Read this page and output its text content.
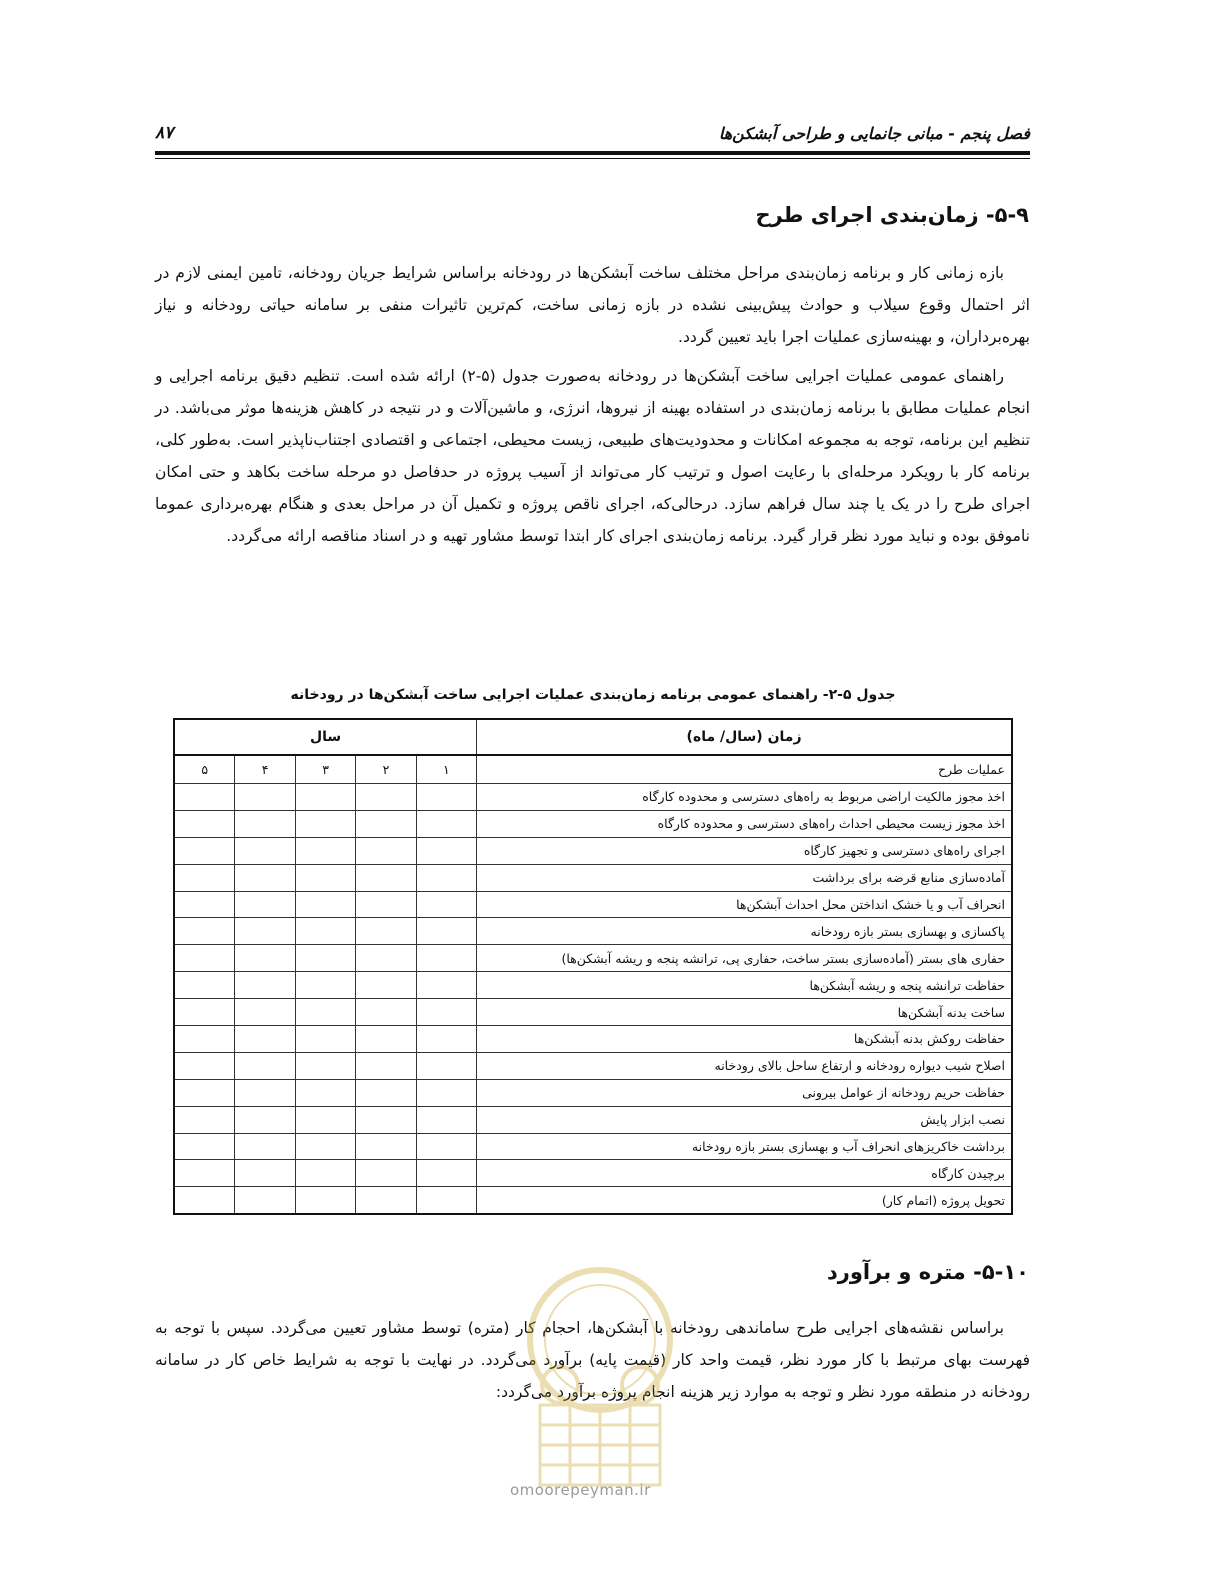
فصل پنجم - مبانی جانمایی و طراحی آبشکن‌ها
۸۷
۵-۹- زمان‌بندی اجرای طرح

بازه زمانی کار و برنامه زمان‌بندی مراحل مختلف ساخت آبشکن‌ها در رودخانه براساس شرایط جریان رودخانه، تامین ایمنی لازم در اثر احتمال وقوع سیلاب و حوادث پیش‌بینی نشده در بازه زمانی ساخت، کم‌ترین تاثیرات منفی بر سامانه حیاتی رودخانه و نیاز بهره‌برداران، و بهینه‌سازی عملیات اجرا باید تعیین گردد.

راهنمای عمومی عملیات اجرایی ساخت آبشکن‌ها در رودخانه به‌صورت جدول (۵-۲) ارائه شده است. تنظیم دقیق برنامه اجرایی و انجام عملیات مطابق با برنامه زمان‌بندی در استفاده بهینه از نیروها، انرژی، و ماشین‌آلات و در نتیجه در کاهش هزینه‌ها موثر می‌باشد. در تنظیم این برنامه، توجه به مجموعه امکانات و محدودیت‌های طبیعی، زیست محیطی، اجتماعی و اقتصادی اجتناب‌ناپذیر است. به‌طور کلی، برنامه کار با رویکرد مرحله‌ای با رعایت اصول و ترتیب کار می‌تواند از آسیب پروژه در حدفاصل دو مرحله ساخت بکاهد و حتی امکان اجرای طرح را در یک یا چند سال فراهم سازد. درحالی‌که، اجرای ناقص پروژه و تکمیل آن در مراحل بعدی و هنگام بهره‌برداری عموما ناموفق بوده و نباید مورد نظر قرار گیرد. برنامه زمان‌بندی اجرای کار ابتدا توسط مشاور تهیه و در اسناد مناقصه ارائه می‌گردد.

جدول ۵-۲- راهنمای عمومی برنامه زمان‌بندی عملیات اجرایی ساخت آبشکن‌ها در رودخانه
زمان (سال/ ماه)	سال				
عملیات طرح	۱	۲	۳	۴	۵
اخذ مجوز مالکیت اراضی مربوط به راه‌های دسترسی و محدوده کارگاه					
اخذ مجوز زیست محیطی احداث راه‌های دسترسی و محدوده کارگاه					
اجرای راه‌های دسترسی و تجهیز کارگاه					
آماده‌سازی منابع قرضه برای برداشت					
انحراف آب و یا خشک انداختن محل احداث آبشکن‌ها					
پاکسازی و بهسازی بستر بازه رودخانه					
حفاری های بستر (آماده‌سازی بستر ساخت، حفاری پی، ترانشه پنجه و ریشه آبشکن‌ها)					
حفاظت ترانشه پنجه و ریشه آبشکن‌ها					
ساخت بدنه آبشکن‌ها					
حفاظت روکش بدنه آبشکن‌ها					
اصلاح شیب دیواره رودخانه و ارتفاع ساحل بالای رودخانه					
حفاظت حریم رودخانه از عوامل بیرونی					
نصب ابزار پایش					
برداشت خاکریزهای انحراف آب و بهسازی بستر بازه رودخانه					
برچیدن کارگاه					
تحویل پروژه (اتمام کار)					
۵-۱۰- متره و برآورد

براساس نقشه‌های اجرایی طرح ساماندهی رودخانه با آبشکن‌ها، احجام کار (متره) توسط مشاور تعیین می‌گردد. سپس با توجه به فهرست بهای مرتبط با کار مورد نظر، قیمت واحد کار (قیمت پایه) برآورد می‌گردد. در نهایت با توجه به شرایط خاص کار در سامانه رودخانه در منطقه مورد نظر و توجه به موارد زیر هزینه انجام پروژه برآورد می‌گردد:

omoorepeyman.ir
